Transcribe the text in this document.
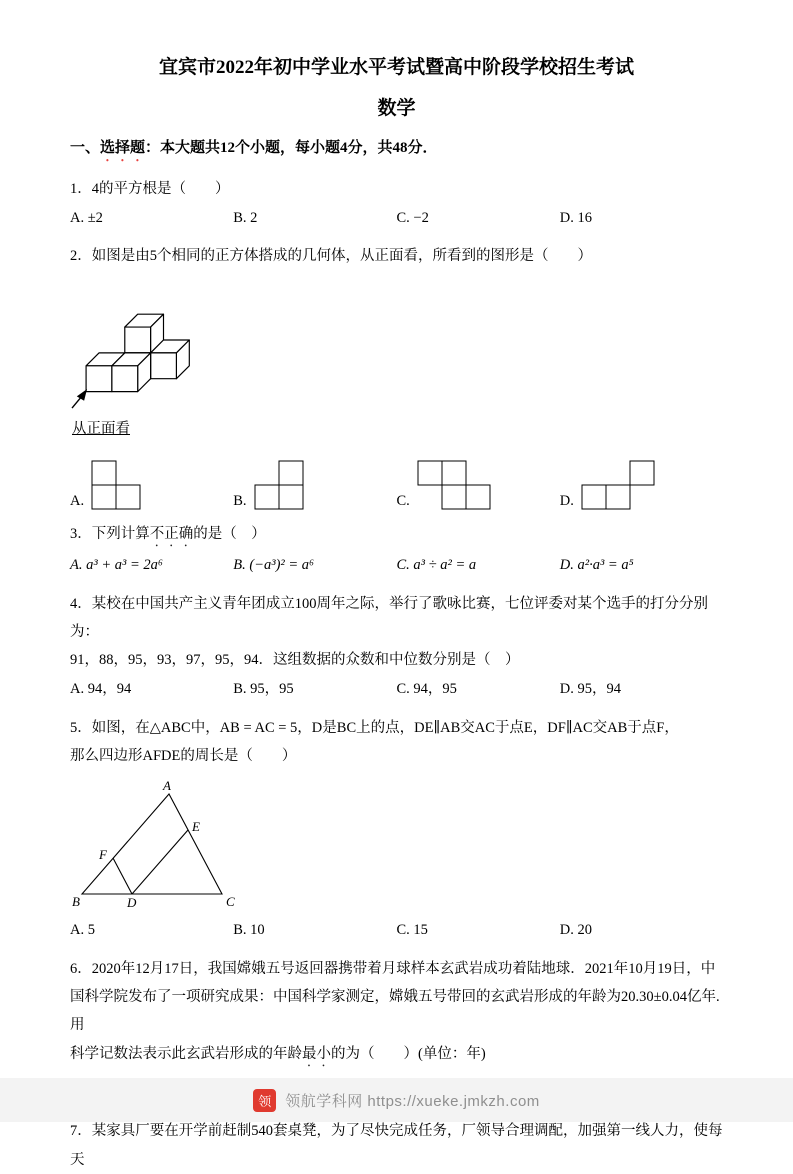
宜宾市2022年初中学业水平考试暨高中阶段学校招生考试
数学
一、选择题：本大题共12个小题，每小题4分，共48分．
1．4的平方根是（　　）
A. ±2	B. 2	C. −2	D. 16
2．如图是由5个相同的正方体搭成的几何体，从正面看，所看到的图形是（　　）
从正面看
A.	B.	C.	D.
3．下列计算不正确的是（　）
A. a³ + a³ = 2a⁶	B. (−a³)² = a⁶	C. a³ ÷ a² = a	D. a²·a³ = a⁵
4．某校在中国共产主义青年团成立100周年之际，举行了歌咏比赛，七位评委对某个选手的打分分别为：
91，88，95，93，97，95，94．这组数据的众数和中位数分别是（　）
A. 94，94	B. 95，95	C. 94，95	D. 95，94
5．如图，在△ABC中，AB = AC = 5，D是BC上的点，DE∥AB交AC于点E，DF∥AC交AB于点F，
那么四边形AFDE的周长是（　　）
A
B	C
D
E
F
A. 5	B. 10	C. 15	D. 20
6．2020年12月17日，我国嫦娥五号返回器携带着月球样本玄武岩成功着陆地球．2021年10月19日，中
国科学院发布了一项研究成果：中国科学家测定，嫦娥五号带回的玄武岩形成的年龄为20.30±0.04亿年.用
科学记数法表示此玄武岩形成的年龄最小的为（　　）(单位：年)
7．某家具厂要在开学前赶制540套桌凳，为了尽快完成任务，厂领导合理调配，加强第一线人力，使每天
领 领航学科网 https://xueke.jmkzh.com
